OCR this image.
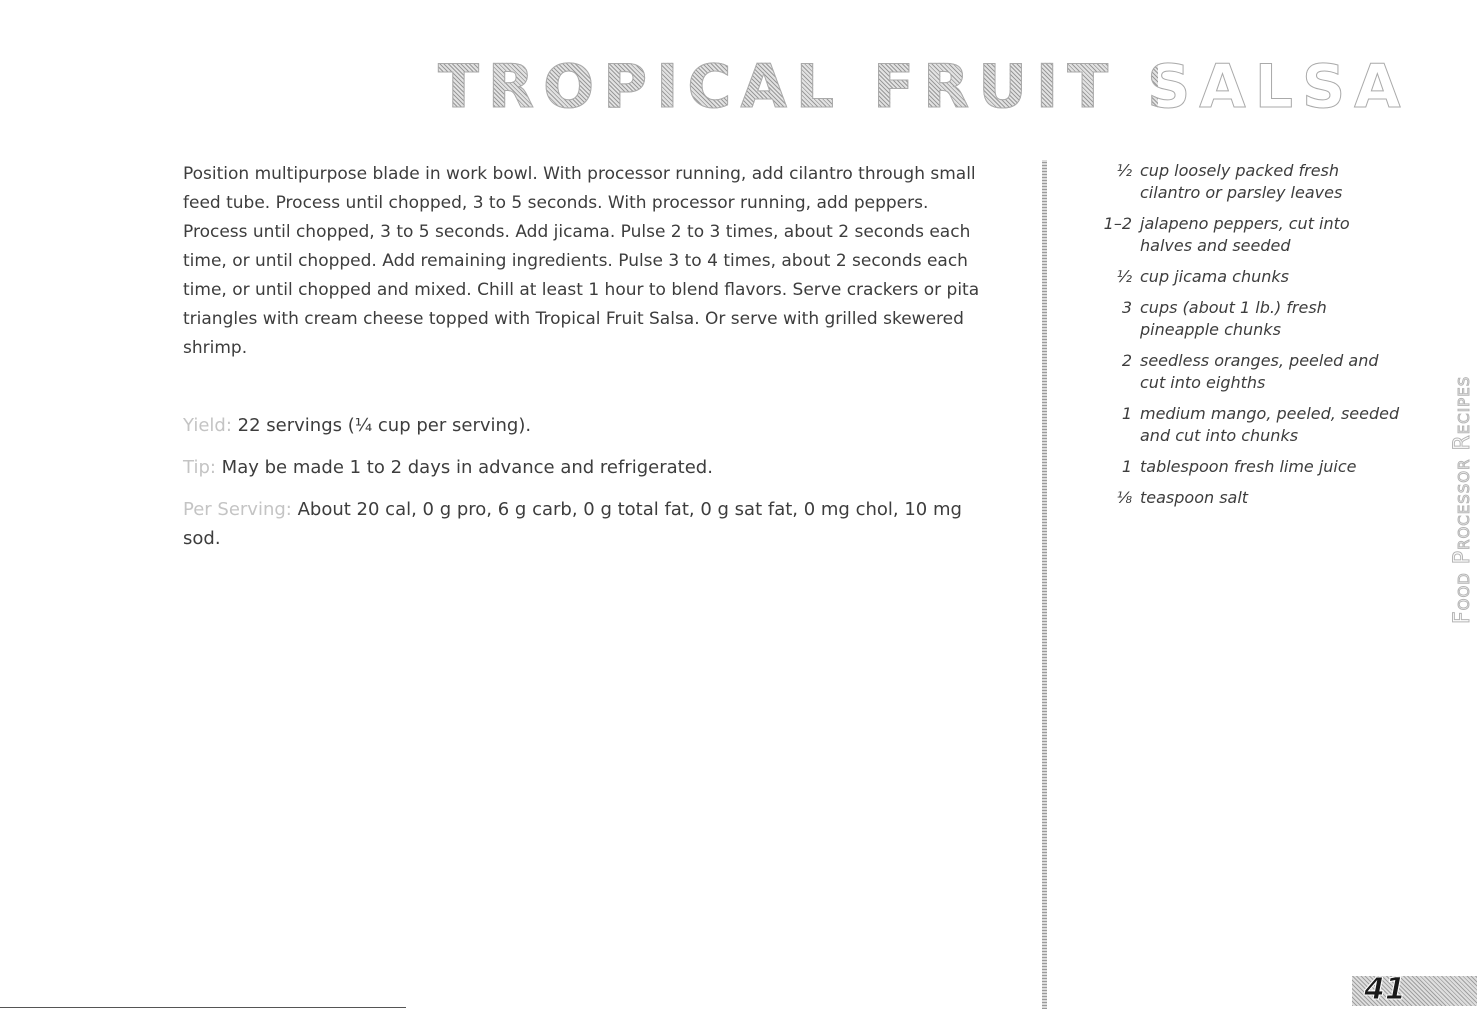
TROPICAL FRUIT SALSA

Position multipurpose blade in work bowl. With processor running, add cilantro through small feed tube. Process until chopped, 3 to 5 seconds. With processor running, add peppers. Process until chopped, 3 to 5 seconds. Add jicama. Pulse 2 to 3 times, about 2 seconds each time, or until chopped. Add remaining ingredients. Pulse 3 to 4 times, about 2 seconds each time, or until chopped and mixed. Chill at least 1 hour to blend flavors. Serve crackers or pita triangles with cream cheese topped with Tropical Fruit Salsa. Or serve with grilled skewered shrimp.

Yield: 22 servings (¼ cup per serving).

Tip: May be made 1 to 2 days in advance and refrigerated.

Per Serving: About 20 cal, 0 g pro, 6 g carb, 0 g total fat, 0 g sat fat, 0 mg chol, 10 mg sod.

½ cup loosely packed fresh cilantro or parsley leaves
1–2 jalapeno peppers, cut into halves and seeded
½ cup jicama chunks
3 cups (about 1 lb.) fresh pineapple chunks
2 seedless oranges, peeled and cut into eighths
1 medium mango, peeled, seeded and cut into chunks
1 tablespoon fresh lime juice
⅛ teaspoon salt	Food Processor Recipes
41
